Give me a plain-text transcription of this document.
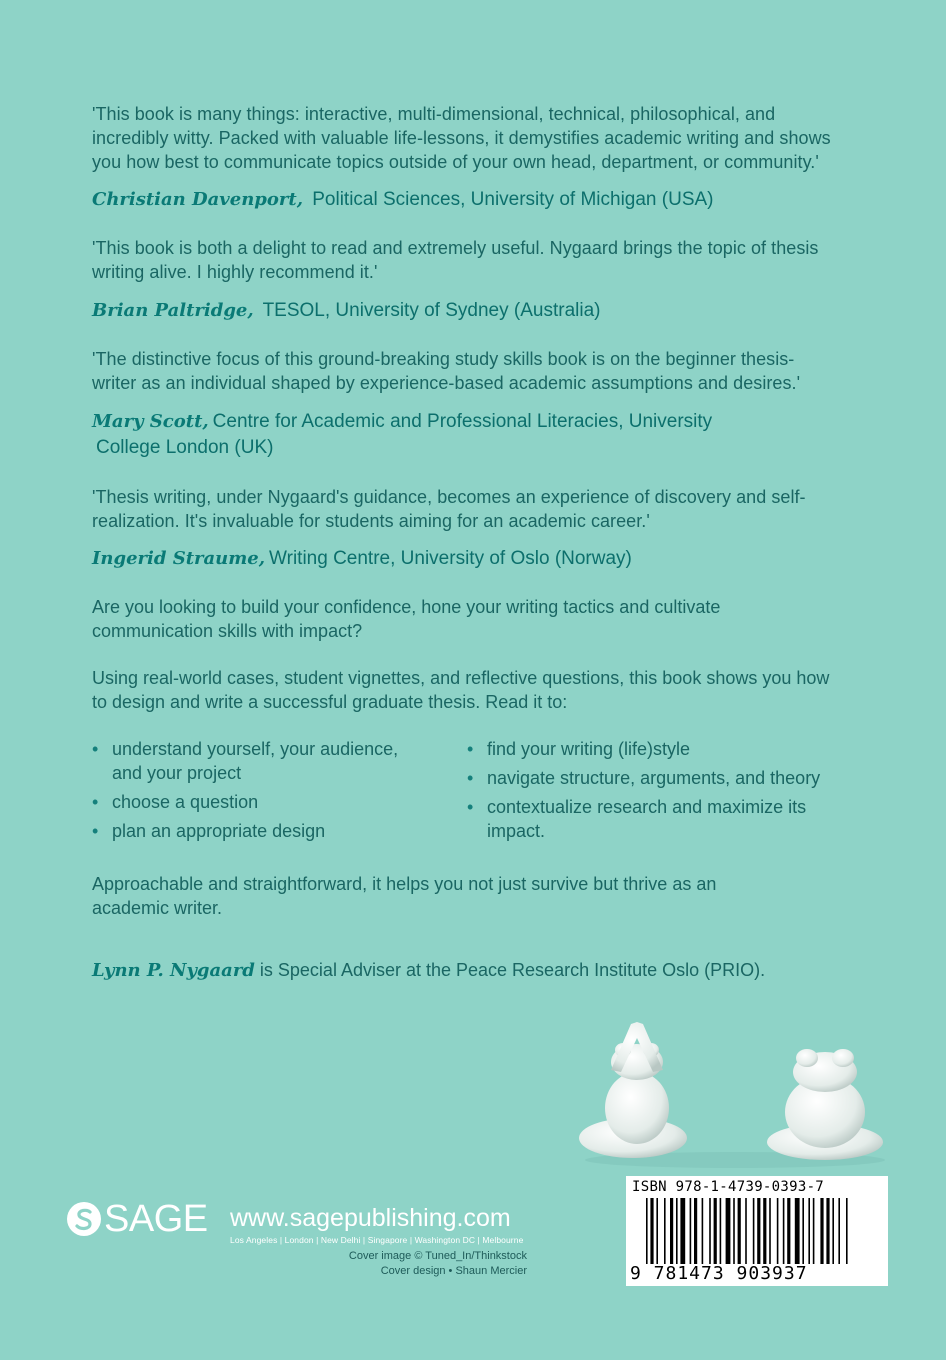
'This book is many things: interactive, multi-dimensional, technical, philosophical, and incredibly witty. Packed with valuable life-lessons, it demystifies academic writing and shows you how best to communicate topics outside of your own head, department, or community.'

Christian Davenport, Political Sciences, University of Michigan (USA)

'This book is both a delight to read and extremely useful. Nygaard brings the topic of thesis writing alive. I highly recommend it.'

Brian Paltridge, TESOL, University of Sydney (Australia)

'The distinctive focus of this ground-breaking study skills book is on the beginner thesis-writer as an individual shaped by experience-based academic assumptions and desires.'

Mary Scott, Centre for Academic and Professional Literacies, University
College London (UK)

'Thesis writing, under Nygaard's guidance, becomes an experience of discovery and self-realization. It's invaluable for students aiming for an academic career.'

Ingerid Straume, Writing Centre, University of Oslo (Norway)

Are you looking to build your confidence, hone your writing tactics and cultivate communication skills with impact?

Using real-world cases, student vignettes, and reflective questions, this book shows you how to design and write a successful graduate thesis. Read it to:

• understand yourself, your audience, and your project
• choose a question
• plan an appropriate design
• find your writing (life)style
• navigate structure, arguments, and theory
• contextualize research and maximize its impact.

Approachable and straightforward, it helps you not just survive but thrive as an academic writer.

Lynn P. Nygaard is Special Adviser at the Peace Research Institute Oslo (PRIO).
SAGE www.sagepublishing.com
Los Angeles | London | New Delhi | Singapore | Washington DC | Melbourne
Cover image © Tuned_In/Thinkstock
Cover design • Shaun Mercier
ISBN 978-1-4739-0393-7
9 781473 903937
